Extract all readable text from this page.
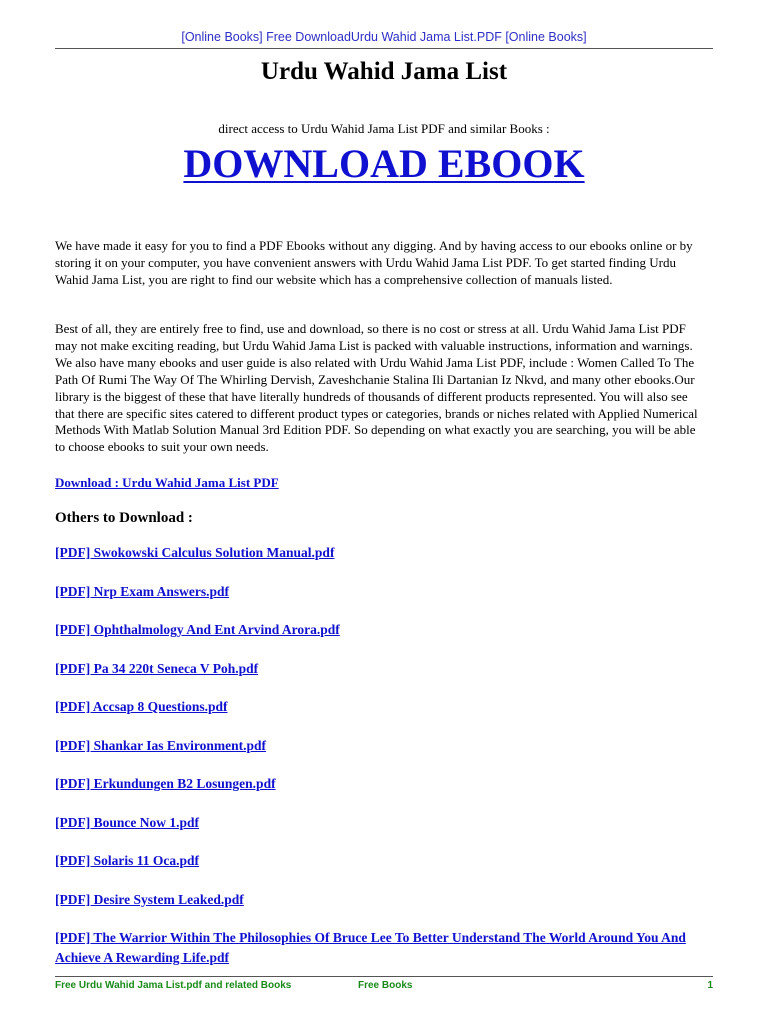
[Online Books] Free DownloadUrdu Wahid Jama List.PDF [Online Books]
Urdu Wahid Jama List
direct access to Urdu Wahid Jama List PDF and similar Books :
DOWNLOAD EBOOK

We have made it easy for you to find a PDF Ebooks without any digging. And by having access to our ebooks online or by storing it on your computer, you have convenient answers with Urdu Wahid Jama List PDF. To get started finding Urdu Wahid Jama List, you are right to find our website which has a comprehensive collection of manuals listed.

Best of all, they are entirely free to find, use and download, so there is no cost or stress at all. Urdu Wahid Jama List PDF may not make exciting reading, but Urdu Wahid Jama List is packed with valuable instructions, information and warnings. We also have many ebooks and user guide is also related with Urdu Wahid Jama List PDF, include : Women Called To The Path Of Rumi The Way Of The Whirling Dervish, Zaveshchanie Stalina Ili Dartanian Iz Nkvd, and many other ebooks.Our library is the biggest of these that have literally hundreds of thousands of different products represented. You will also see that there are specific sites catered to different product types or categories, brands or niches related with Applied Numerical Methods With Matlab Solution Manual 3rd Edition PDF. So depending on what exactly you are searching, you will be able to choose ebooks to suit your own needs.

Download : Urdu Wahid Jama List PDF
Others to Download :
[PDF] Swokowski Calculus Solution Manual.pdf
[PDF] Nrp Exam Answers.pdf
[PDF] Ophthalmology And Ent Arvind Arora.pdf
[PDF] Pa 34 220t Seneca V Poh.pdf
[PDF] Accsap 8 Questions.pdf
[PDF] Shankar Ias Environment.pdf
[PDF] Erkundungen B2 Losungen.pdf
[PDF] Bounce Now 1.pdf
[PDF] Solaris 11 Oca.pdf
[PDF] Desire System Leaked.pdf
[PDF] The Warrior Within The Philosophies Of Bruce Lee To Better Understand The World Around You And Achieve A Rewarding Life.pdf
Free Urdu Wahid Jama List.pdf and related Books	Free Books	1
